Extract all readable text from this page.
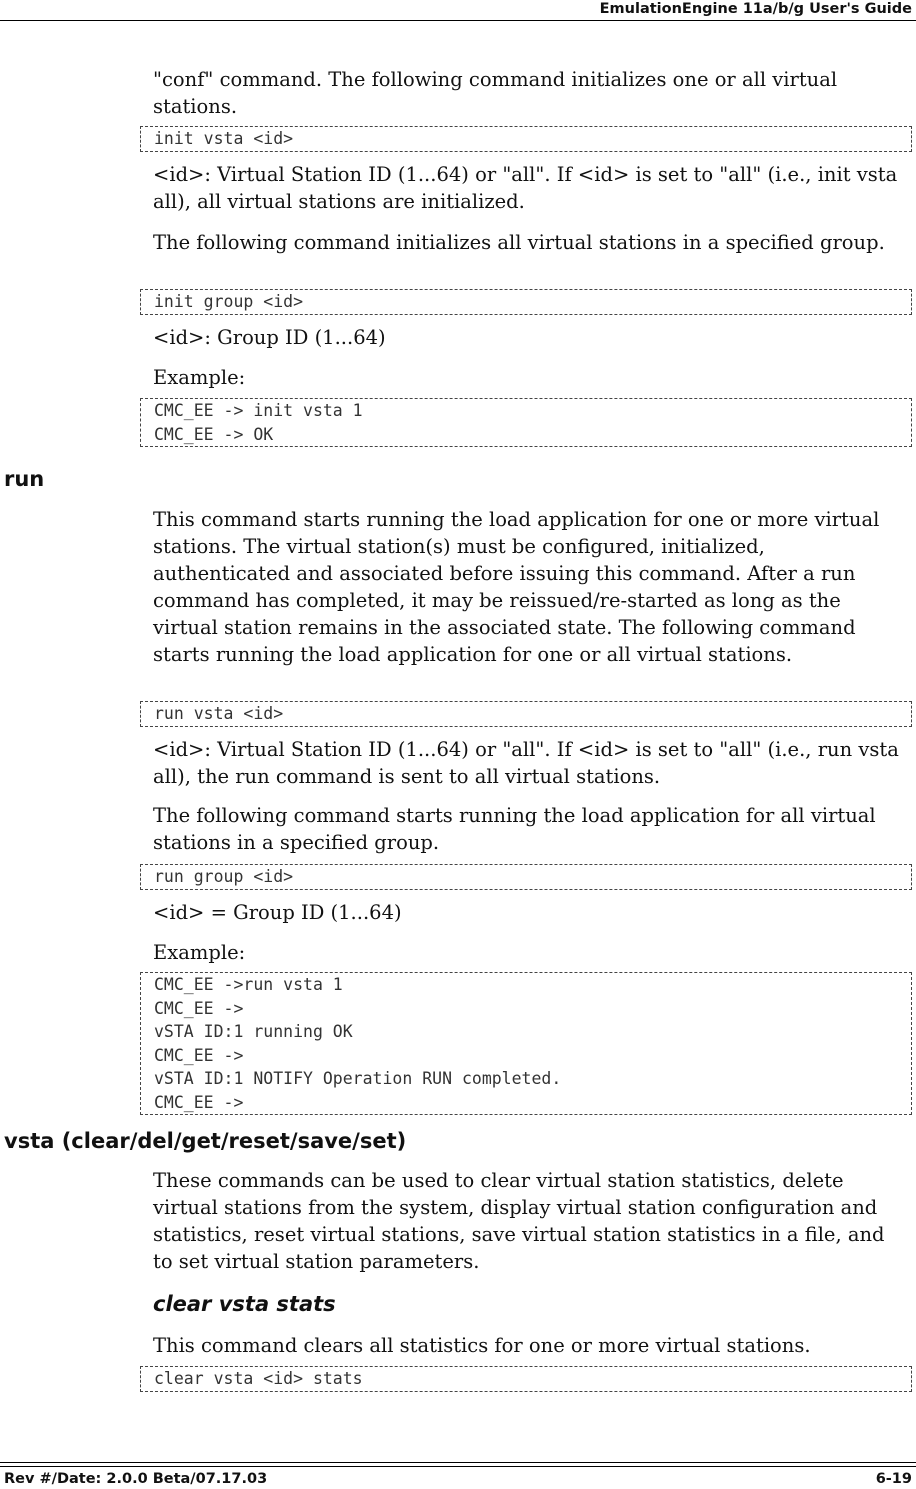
EmulationEngine 11a/b/g User's Guide

"conf" command. The following command initializes one or all virtual stations.

init vsta <id>

<id>: Virtual Station ID (1...64) or "all". If <id> is set to "all" (i.e., init vsta all), all virtual stations are initialized.

The following command initializes all virtual stations in a specified group.

init group <id>

<id>: Group ID (1...64)

Example:

CMC_EE -> init vsta 1
CMC_EE -> OK
run

This command starts running the load application for one or more virtual stations. The virtual station(s) must be configured, initialized, authenticated and associated before issuing this command. After a run command has completed, it may be reissued/re-started as long as the virtual station remains in the associated state. The following command starts running the load application for one or all virtual stations.

run vsta <id>

<id>: Virtual Station ID (1...64) or "all". If <id> is set to "all" (i.e., run vsta all), the run command is sent to all virtual stations.

The following command starts running the load application for all virtual stations in a specified group.

run group <id>

<id> = Group ID (1...64)

Example:

CMC_EE ->run vsta 1
CMC_EE ->
vSTA ID:1 running OK
CMC_EE ->
vSTA ID:1 NOTIFY Operation RUN completed.
CMC_EE ->
vsta (clear/del/get/reset/save/set)

These commands can be used to clear virtual station statistics, delete virtual stations from the system, display virtual station configuration and statistics, reset virtual stations, save virtual station statistics in a file, and to set virtual station parameters.

clear vsta stats

This command clears all statistics for one or more virtual stations.

clear vsta <id> stats
Rev #/Date: 2.0.0 Beta/07.17.03	6-19
